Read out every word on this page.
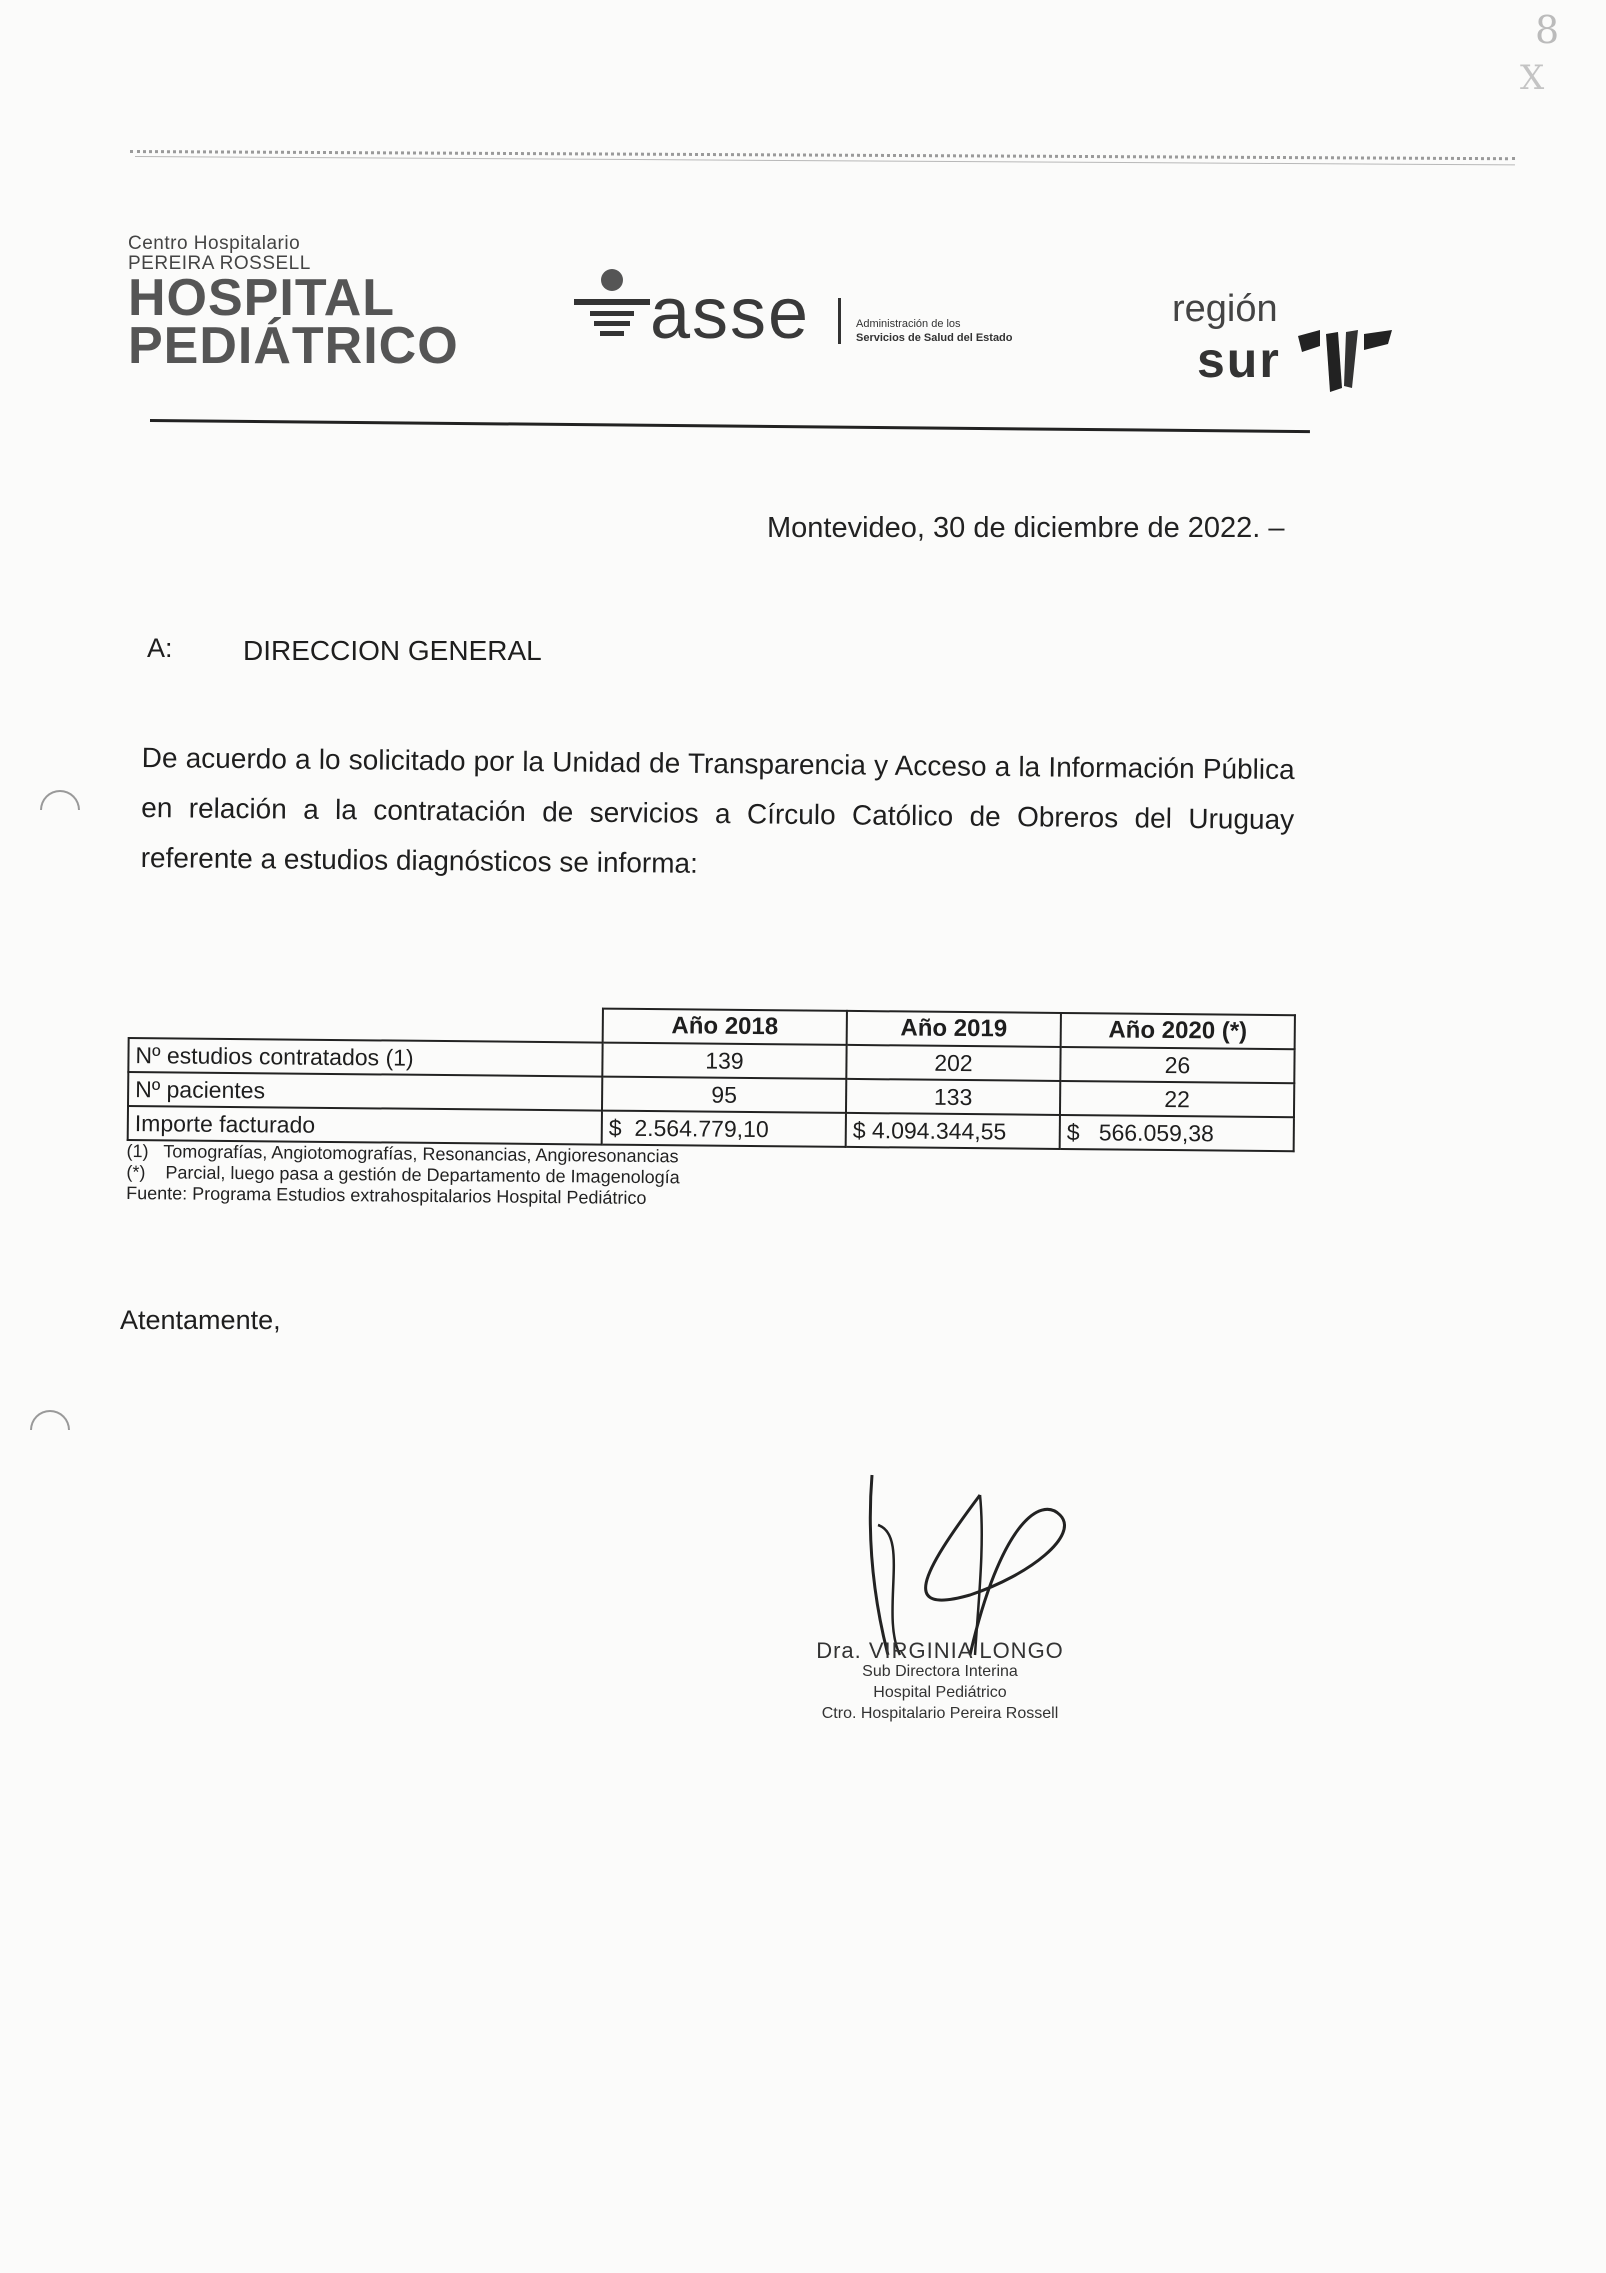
8
X
Centro Hospitalario
PEREIRA ROSSELL
HOSPITAL
PEDIÁTRICO	asse	Administración de los
Servicios de Salud del Estado
región
sur
Montevideo, 30 de diciembre de 2022. –
A:	DIRECCION GENERAL
De acuerdo a lo solicitado por la Unidad de Transparencia y Acceso a la Información Pública en relación a la contratación de servicios a Círculo Católico de Obreros del Uruguay referente a estudios diagnósticos se informa:
	Año 2018	Año 2019	Año 2020 (*)
Nº estudios contratados (1)	139	202	26
Nº pacientes	95	133	22
Importe facturado	$  2.564.779,10	$ 4.094.344,55	$   566.059,38
(1)   Tomografías, Angiotomografías, Resonancias, Angioresonancias
(*)    Parcial, luego pasa a gestión de Departamento de Imagenología
Fuente: Programa Estudios extrahospitalarios Hospital Pediátrico
Atentamente,
Dra. VIRGINIA LONGO
Sub Directora Interina
Hospital Pediátrico
Ctro. Hospitalario Pereira Rossell
